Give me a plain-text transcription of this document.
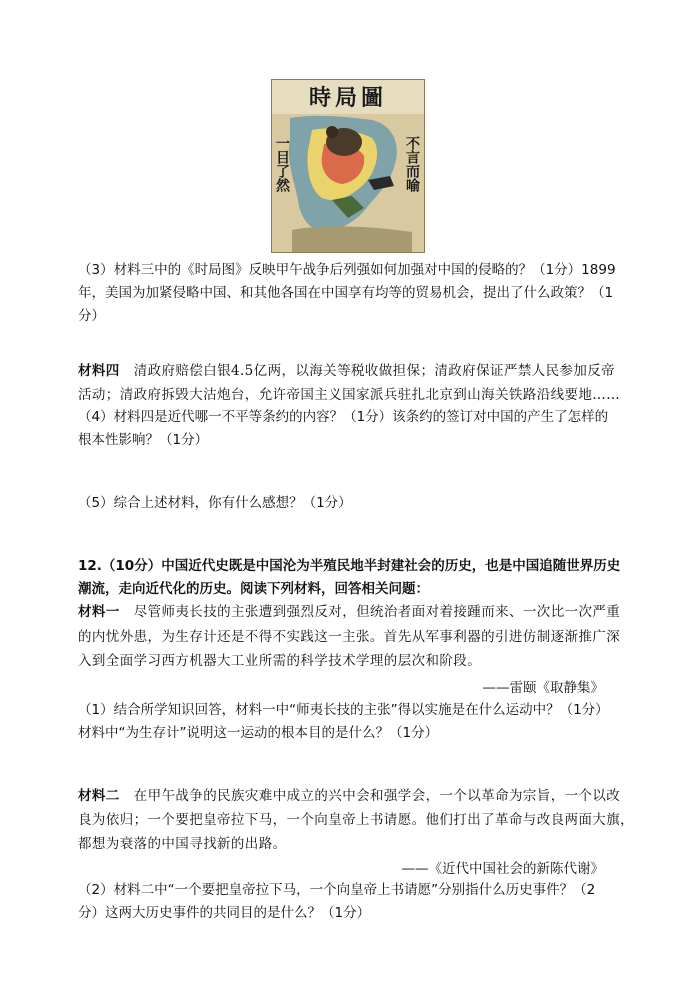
時局圖
一目了然	不言而喻
（3）材料三中的《时局图》反映甲午战争后列强如何加强对中国的侵略的？（1分）1899
年，美国为加紧侵略中国、和其他各国在中国享有均等的贸易机会，提出了什么政策？（1
分）
材料四 清政府赔偿白银4.5亿两，以海关等税收做担保；清政府保证严禁人民参加反帝
活动；清政府拆毁大沽炮台，允许帝国主义国家派兵驻扎北京到山海关铁路沿线要地……
（4）材料四是近代哪一不平等条约的内容？（1分）该条约的签订对中国的产生了怎样的
根本性影响？（1分）
（5）综合上述材料，你有什么感想？（1分）
12.（10分）中国近代史既是中国沦为半殖民地半封建社会的历史，也是中国追随世界历史
潮流，走向近代化的历史。阅读下列材料，回答相关问题：
材料一 尽管师夷长技的主张遭到强烈反对，但统治者面对着接踵而来、一次比一次严重
的内忧外患，为生存计还是不得不实践这一主张。首先从军事利器的引进仿制逐渐推广深
入到全面学习西方机器大工业所需的科学技术学理的层次和阶段。
——雷颐《取静集》
（1）结合所学知识回答，材料一中“师夷长技的主张”得以实施是在什么运动中？（1分）
材料中“为生存计”说明这一运动的根本目的是什么？（1分）
材料二 在甲午战争的民族灾难中成立的兴中会和强学会，一个以革命为宗旨，一个以改
良为依归；一个要把皇帝拉下马，一个向皇帝上书请愿。他们打出了革命与改良两面大旗，
都想为衰落的中国寻找新的出路。
——《近代中国社会的新陈代谢》
（2）材料二中“一个要把皇帝拉下马，一个向皇帝上书请愿”分别指什么历史事件？（2
分）这两大历史事件的共同目的是什么？（1分）
